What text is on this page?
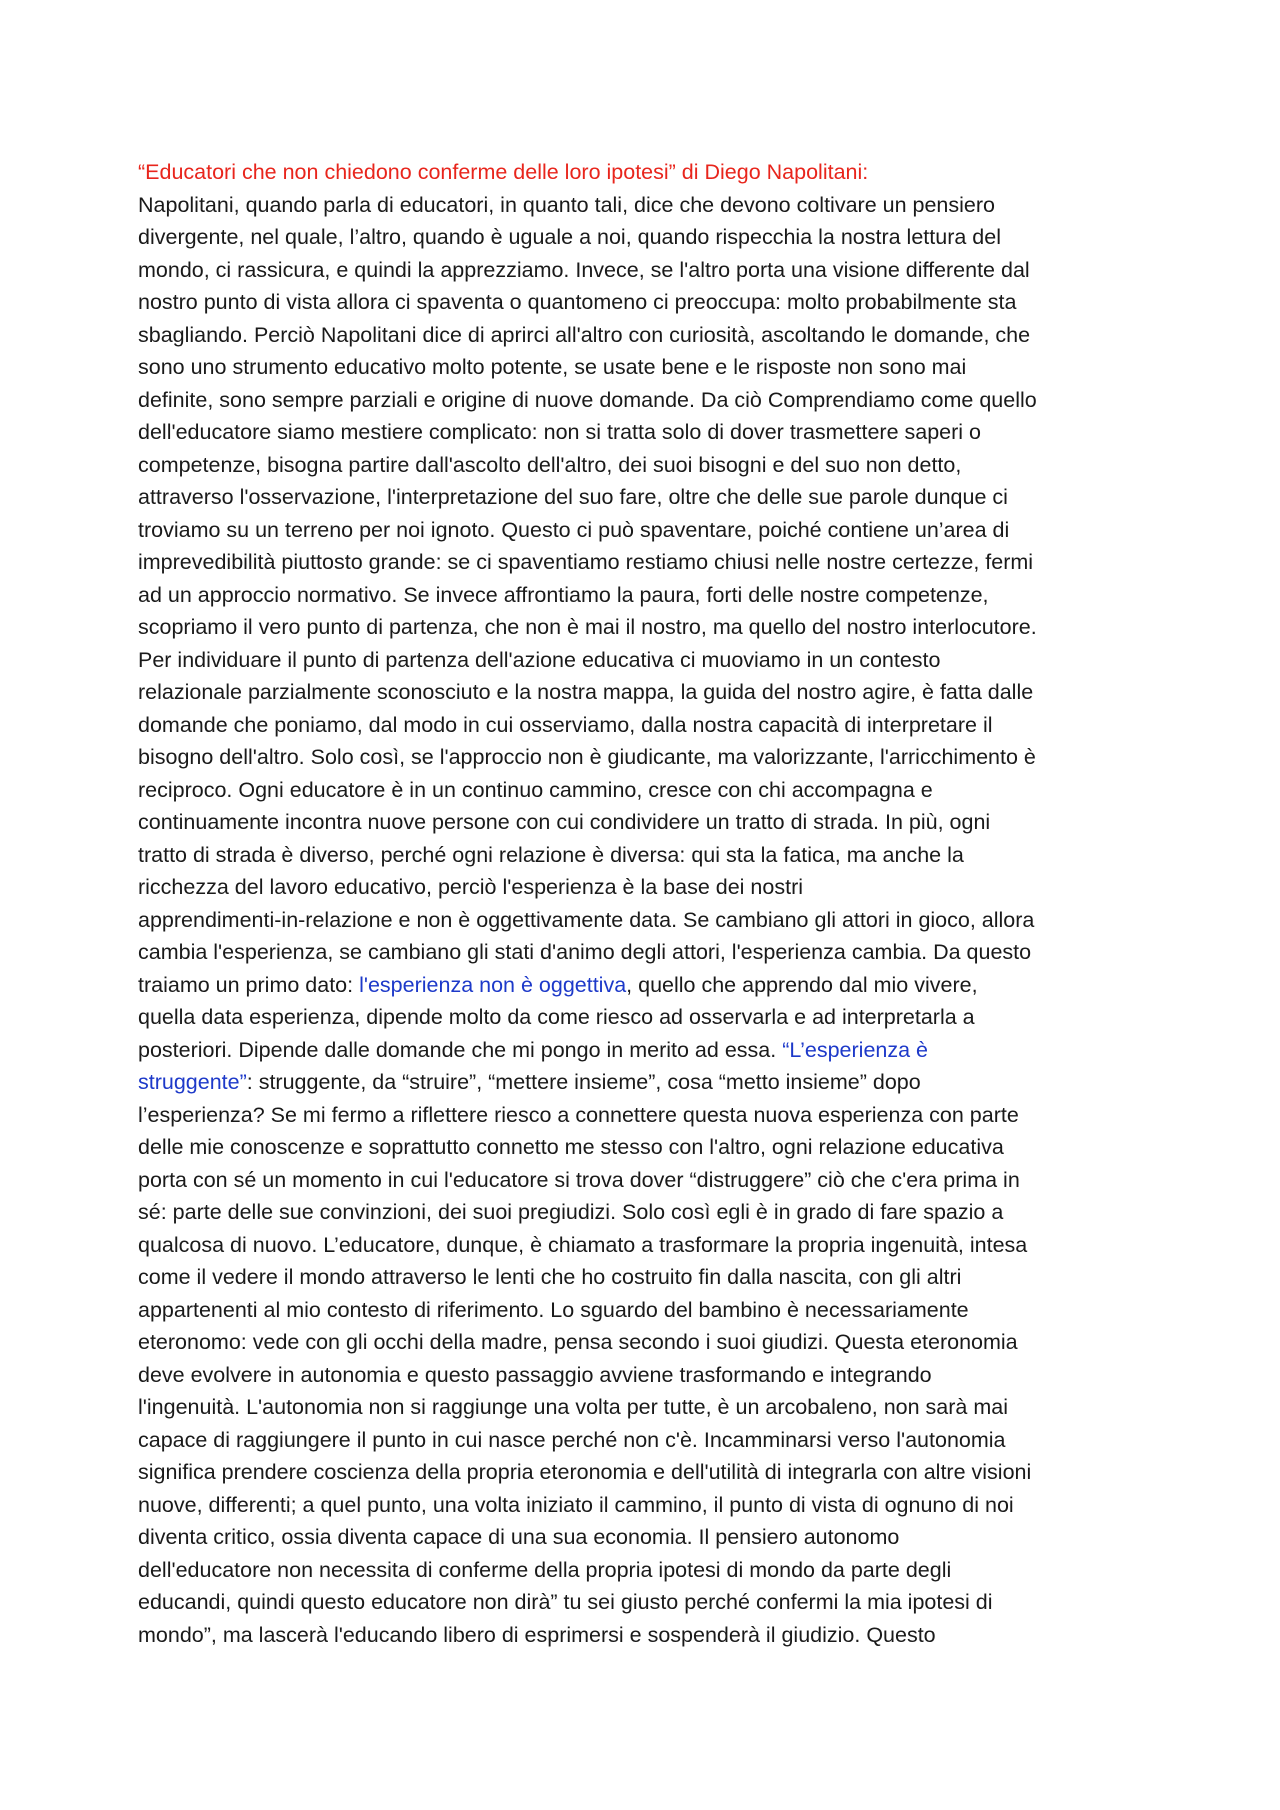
“Educatori che non chiedono conferme delle loro ipotesi” di Diego Napolitani:
Napolitani, quando parla di educatori, in quanto tali, dice che devono coltivare un pensiero
divergente, nel quale, l’altro, quando è uguale a noi, quando rispecchia la nostra lettura del
mondo, ci rassicura, e quindi la apprezziamo. Invece, se l'altro porta una visione differente dal
nostro punto di vista allora ci spaventa o quantomeno ci preoccupa: molto probabilmente sta
sbagliando. Perciò Napolitani dice di aprirci all'altro con curiosità, ascoltando le domande, che
sono uno strumento educativo molto potente, se usate bene e le risposte non sono mai
definite, sono sempre parziali e origine di nuove domande. Da ciò Comprendiamo come quello
dell'educatore siamo mestiere complicato: non si tratta solo di dover trasmettere saperi o
competenze, bisogna partire dall'ascolto dell'altro, dei suoi bisogni e del suo non detto,
attraverso l'osservazione, l'interpretazione del suo fare, oltre che delle sue parole dunque ci
troviamo su un terreno per noi ignoto. Questo ci può spaventare, poiché contiene un’area di
imprevedibilità piuttosto grande: se ci spaventiamo restiamo chiusi nelle nostre certezze, fermi
ad un approccio normativo. Se invece affrontiamo la paura, forti delle nostre competenze,
scopriamo il vero punto di partenza, che non è mai il nostro, ma quello del nostro interlocutore.
Per individuare il punto di partenza dell'azione educativa ci muoviamo in un contesto
relazionale parzialmente sconosciuto e la nostra mappa, la guida del nostro agire, è fatta dalle
domande che poniamo, dal modo in cui osserviamo, dalla nostra capacità di interpretare il
bisogno dell'altro. Solo così, se l'approccio non è giudicante, ma valorizzante, l'arricchimento è
reciproco. Ogni educatore è in un continuo cammino, cresce con chi accompagna e
continuamente incontra nuove persone con cui condividere un tratto di strada. In più, ogni
tratto di strada è diverso, perché ogni relazione è diversa: qui sta la fatica, ma anche la
ricchezza del lavoro educativo, perciò l'esperienza è la base dei nostri
apprendimenti-in-relazione e non è oggettivamente data. Se cambiano gli attori in gioco, allora
cambia l'esperienza, se cambiano gli stati d'animo degli attori, l'esperienza cambia. Da questo
traiamo un primo dato: l'esperienza non è oggettiva, quello che apprendo dal mio vivere,
quella data esperienza, dipende molto da come riesco ad osservarla e ad interpretarla a
posteriori. Dipende dalle domande che mi pongo in merito ad essa. “L’esperienza è
struggente”: struggente, da “struire”, “mettere insieme”, cosa “metto insieme” dopo
l’esperienza? Se mi fermo a riflettere riesco a connettere questa nuova esperienza con parte
delle mie conoscenze e soprattutto connetto me stesso con l'altro, ogni relazione educativa
porta con sé un momento in cui l'educatore si trova dover “distruggere” ciò che c'era prima in
sé: parte delle sue convinzioni, dei suoi pregiudizi. Solo così egli è in grado di fare spazio a
qualcosa di nuovo. L’educatore, dunque, è chiamato a trasformare la propria ingenuità, intesa
come il vedere il mondo attraverso le lenti che ho costruito fin dalla nascita, con gli altri
appartenenti al mio contesto di riferimento. Lo sguardo del bambino è necessariamente
eteronomo: vede con gli occhi della madre, pensa secondo i suoi giudizi. Questa eteronomia
deve evolvere in autonomia e questo passaggio avviene trasformando e integrando
l'ingenuità. L'autonomia non si raggiunge una volta per tutte, è un arcobaleno, non sarà mai
capace di raggiungere il punto in cui nasce perché non c'è. Incamminarsi verso l'autonomia
significa prendere coscienza della propria eteronomia e dell'utilità di integrarla con altre visioni
nuove, differenti; a quel punto, una volta iniziato il cammino, il punto di vista di ognuno di noi
diventa critico, ossia diventa capace di una sua economia. Il pensiero autonomo
dell'educatore non necessita di conferme della propria ipotesi di mondo da parte degli
educandi, quindi questo educatore non dirà” tu sei giusto perché confermi la mia ipotesi di
mondo”, ma lascerà l'educando libero di esprimersi e sospenderà il giudizio. Questo
